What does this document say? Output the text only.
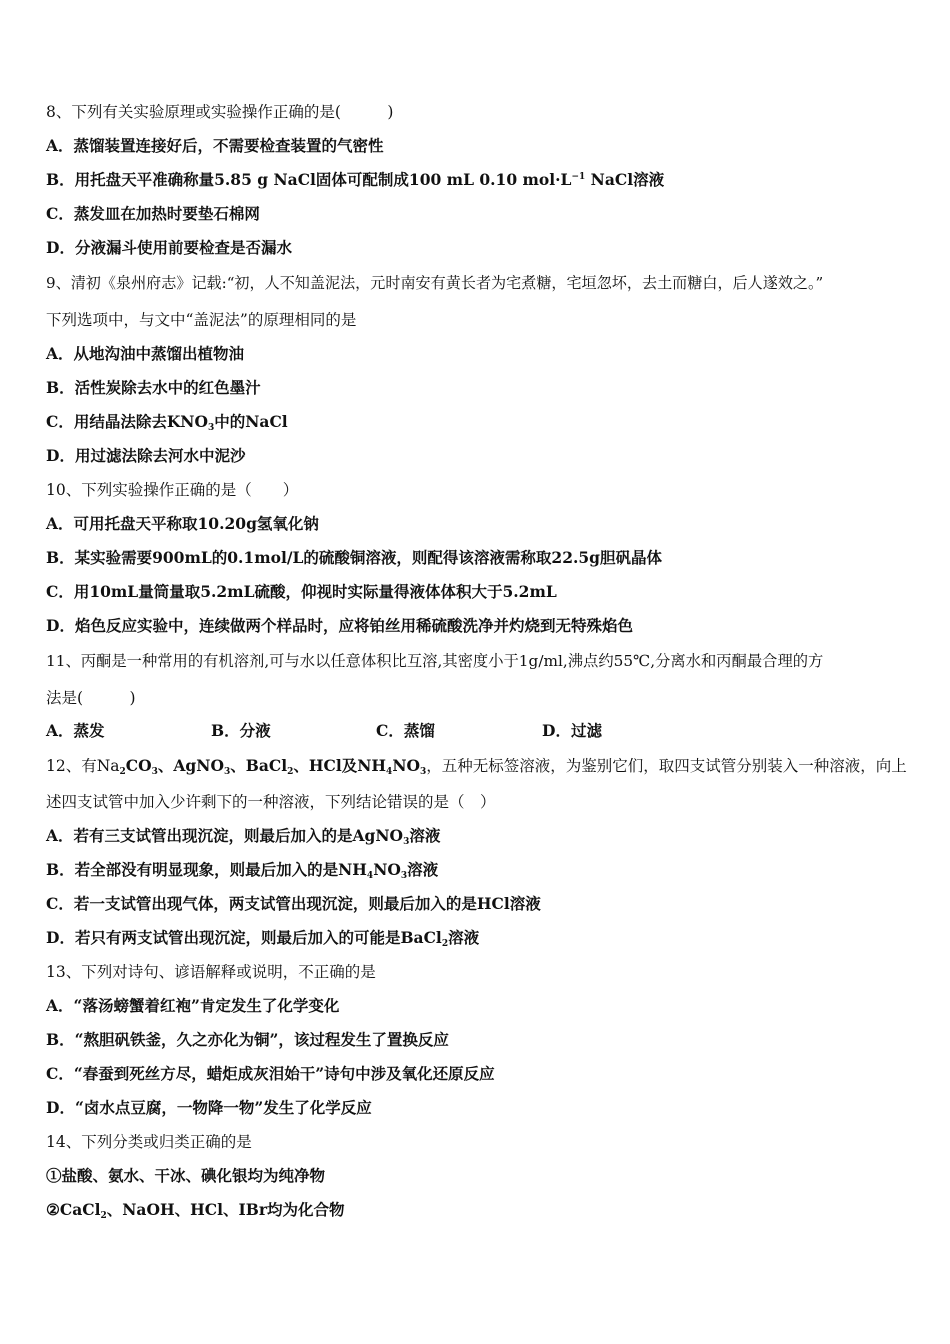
8、下列有关实验原理或实验操作正确的是(　　　)
A．蒸馏装置连接好后，不需要检查装置的气密性
B．用托盘天平准确称量5.85 g NaCl固体可配制成100 mL 0.10 $mol\cdot L^{-1}$ NaCl溶液
C．蒸发皿在加热时要垫石棉网
D．分液漏斗使用前要检查是否漏水
9、清初《泉州府志》记载:“初，人不知盖泥法，元时南安有黄长者为宅煮糖，宅垣忽坏，去土而糖白，后人遂效之。”
下列选项中，与文中“盖泥法”的原理相同的是
A．从地沟油中蒸馏出植物油
B．活性炭除去水中的红色墨汁
C．用结晶法除去$KNO_3$中的NaCl
D．用过滤法除去河水中泥沙
10、下列实验操作正确的是（　　）
A．可用托盘天平称取10.20g氢氧化钠
B．某实验需要900mL的0.1mol/L的硫酸铜溶液，则配得该溶液需称取22.5g胆矾晶体
C．用10mL量筒量取5.2mL硫酸，仰视时实际量得液体体积大于5.2mL
D．焰色反应实验中，连续做两个样品时，应将铂丝用稀硫酸洗净并灼烧到无特殊焰色
11、丙酮是一种常用的有机溶剂,可与水以任意体积比互溶,其密度小于1g/ml,沸点约55℃,分离水和丙酮最合理的方
法是(　　　)
A．蒸发	B．分液	C．蒸馏	D．过滤
12、有$Na_2CO_3$、AgNO$_3$、BaCl$_2$、HCl及$NH_4NO_3$，五种无标签溶液，为鉴别它们，取四支试管分别装入一种溶液，向上
述四支试管中加入少许剩下的一种溶液，下列结论错误的是（　）
A．若有三支试管出现沉淀，则最后加入的是AgNO$_3$溶液
B．若全部没有明显现象，则最后加入的是$NH_4NO_3$溶液
C．若一支试管出现气体，两支试管出现沉淀，则最后加入的是HCl溶液
D．若只有两支试管出现沉淀，则最后加入的可能是BaCl$_2$溶液
13、下列对诗句、谚语解释或说明，不正确的是
A．“落汤螃蟹着红袍”肯定发生了化学变化
B．“熬胆矾铁釜，久之亦化为铜”，该过程发生了置换反应
C．“春蚕到死丝方尽，蜡炬成灰泪始干”诗句中涉及氧化还原反应
D．“卤水点豆腐，一物降一物”发生了化学反应
14、下列分类或归类正确的是
①盐酸、氨水、干冰、碘化银均为纯净物
②CaCl$_2$、NaOH、HCl、IBr均为化合物
